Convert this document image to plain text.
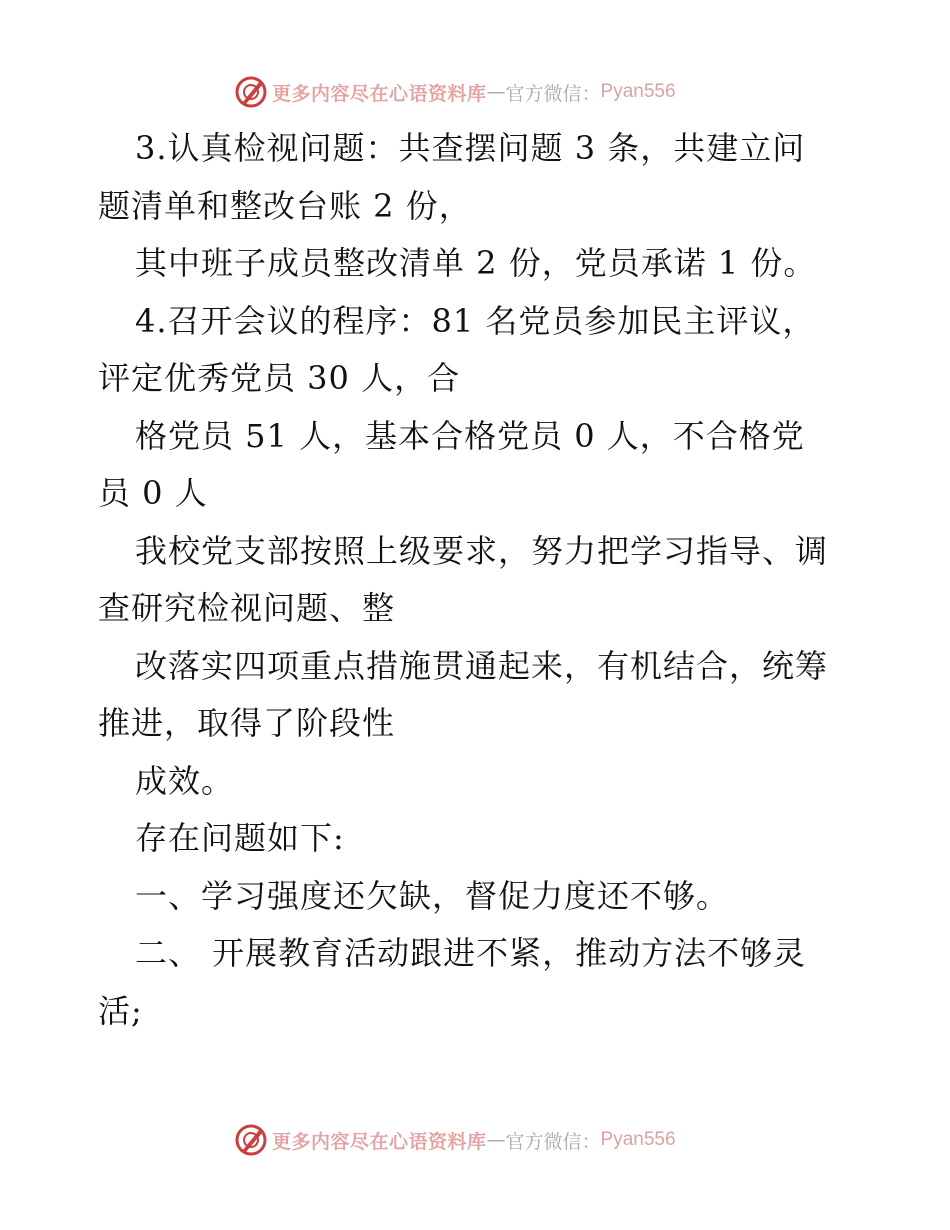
更多内容尽在心语资料库 — 官方微信： Pyan556
3.认真检视问题：共查摆问题 3 条，共建立问
题清单和整改台账 2 份，
其中班子成员整改清单 2 份，党员承诺 1 份。
4.召开会议的程序：81 名党员参加民主评议，
评定优秀党员 30 人，合
格党员 51 人，基本合格党员 0 人，不合格党
员 0 人
我校党支部按照上级要求，努力把学习指导、调
查研究检视问题、整
改落实四项重点措施贯通起来，有机结合，统筹
推进，取得了阶段性
成效。
存在问题如下:
一、学习强度还欠缺，督促力度还不够。
二、 开展教育活动跟进不紧，推动方法不够灵
活;
更多内容尽在心语资料库 — 官方微信： Pyan556
